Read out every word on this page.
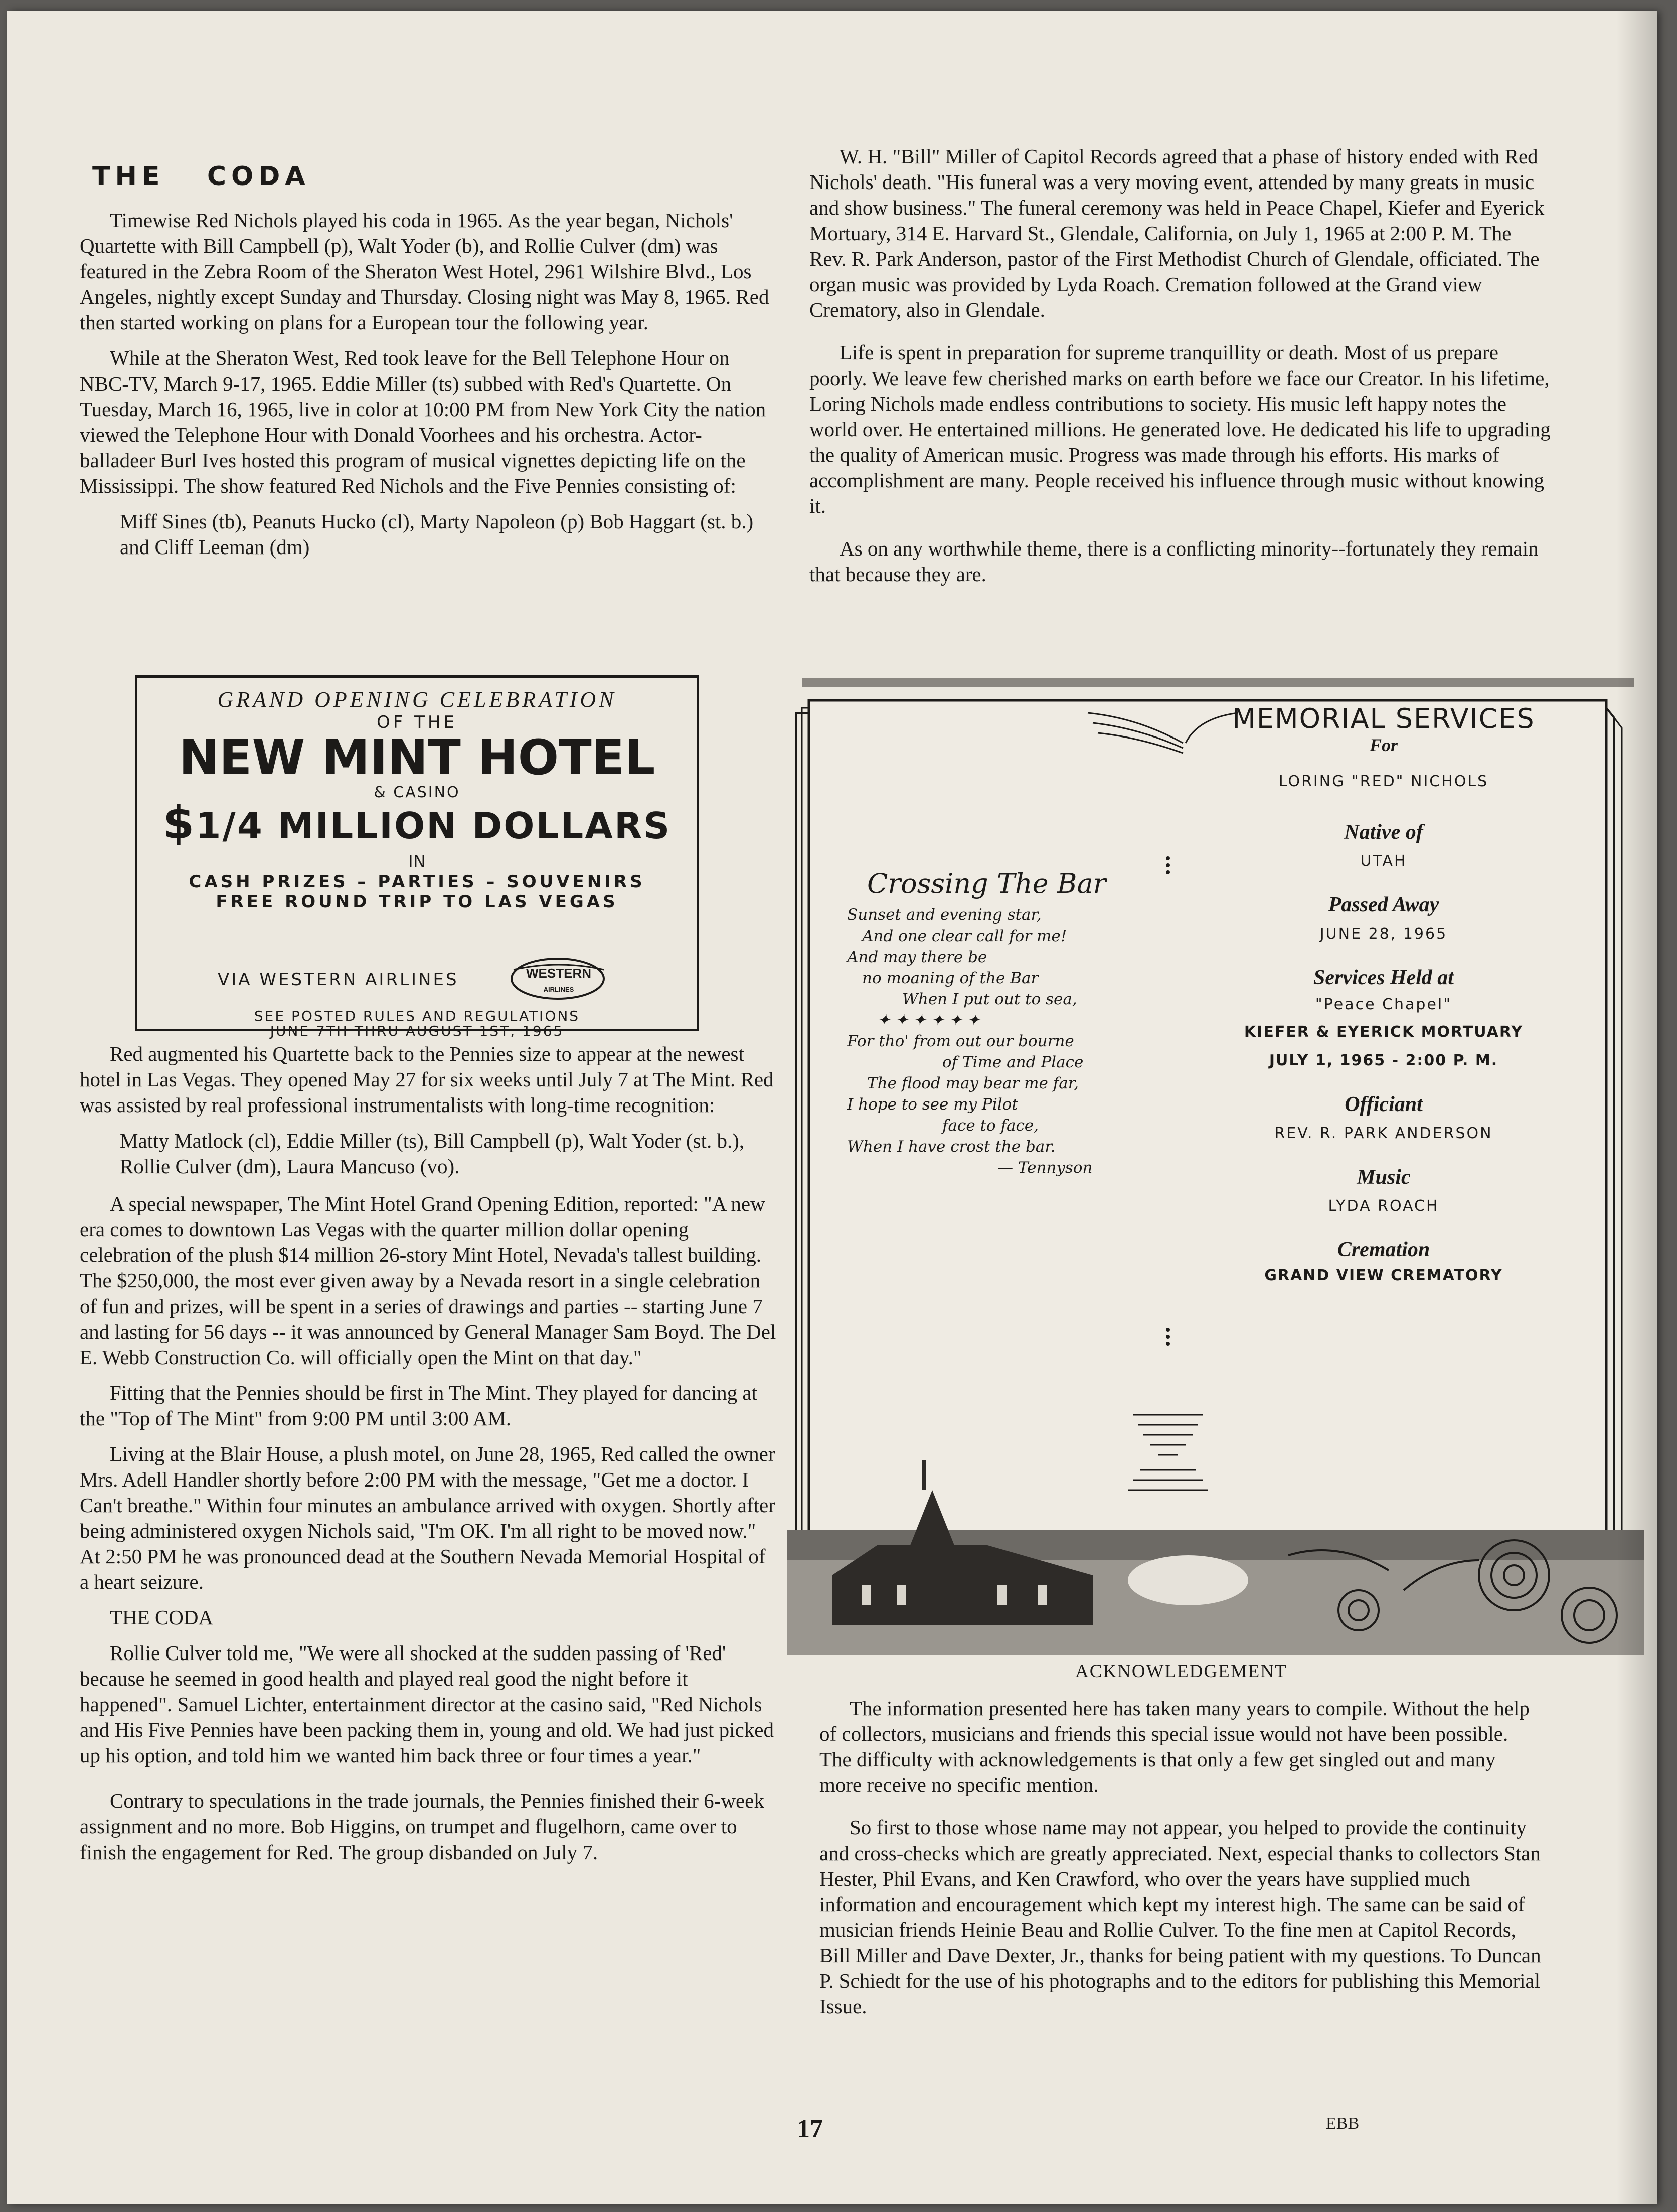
THE   CODA

Timewise Red Nichols played his coda in 1965. As the year began, Nichols' Quartette with Bill Campbell (p), Walt Yoder (b), and Rollie Culver (dm) was featured in the Zebra Room of the Sheraton West Hotel, 2961 Wilshire Blvd., Los Angeles, nightly except Sunday and Thursday. Closing night was May 8, 1965. Red then started working on plans for a European tour the following year.

While at the Sheraton West, Red took leave for the Bell Telephone Hour on NBC-TV, March 9-17, 1965. Eddie Miller (ts) subbed with Red's Quartette. On Tuesday, March 16, 1965, live in color at 10:00 PM from New York City the nation viewed the Telephone Hour with Donald Voorhees and his orchestra. Actor-balladeer Burl Ives hosted this program of musical vignettes depicting life on the Mississippi. The show featured Red Nichols and the Five Pennies consisting of:

Miff Sines (tb), Peanuts Hucko (cl), Marty Napoleon (p) Bob Haggart (st. b.) and Cliff Leeman (dm)

GRAND OPENING CELEBRATION
OF THE
NEW MINT HOTEL
& CASINO
$1/4 MILLION DOLLARS
IN
CASH PRIZES – PARTIES – SOUVENIRS
FREE ROUND TRIP TO LAS VEGAS
VIA WESTERN AIRLINES	WESTERN
AIRLINES
SEE POSTED RULES AND REGULATIONS
JUNE 7TH THRU AUGUST 1ST, 1965

Red augmented his Quartette back to the Pennies size to appear at the newest hotel in Las Vegas. They opened May 27 for six weeks until July 7 at The Mint. Red was assisted by real professional instrumentalists with long-time recognition:

Matty Matlock (cl), Eddie Miller (ts), Bill Campbell (p), Walt Yoder (st. b.), Rollie Culver (dm), Laura Mancuso (vo).

A special newspaper, The Mint Hotel Grand Opening Edition, reported: "A new era comes to downtown Las Vegas with the quarter million dollar opening celebration of the plush $14 million 26-story Mint Hotel, Nevada's tallest building. The $250,000, the most ever given away by a Nevada resort in a single celebration of fun and prizes, will be spent in a series of drawings and parties -- starting June 7 and lasting for 56 days -- it was announced by General Manager Sam Boyd. The Del E. Webb Construction Co. will officially open the Mint on that day."

Fitting that the Pennies should be first in The Mint. They played for dancing at the "Top of The Mint" from 9:00 PM until 3:00 AM.

Living at the Blair House, a plush motel, on June 28, 1965, Red called the owner Mrs. Adell Handler shortly before 2:00 PM with the message, "Get me a doctor. I Can't breathe." Within four minutes an ambulance arrived with oxygen. Shortly after being administered oxygen Nichols said, "I'm OK. I'm all right to be moved now." At 2:50 PM he was pronounced dead at the Southern Nevada Memorial Hospital of a heart seizure.

THE CODA

Rollie Culver told me, "We were all shocked at the sudden passing of 'Red' because he seemed in good health and played real good the night before it happened". Samuel Lichter, entertainment director at the casino said, "Red Nichols and His Five Pennies have been packing them in, young and old. We had just picked up his option, and told him we wanted him back three or four times a year."

Contrary to speculations in the trade journals, the Pennies finished their 6-week assignment and no more. Bob Higgins, on trumpet and flugelhorn, came over to finish the engagement for Red. The group disbanded on July 7.

W. H. "Bill" Miller of Capitol Records agreed that a phase of history ended with Red Nichols' death. "His funeral was a very moving event, attended by many greats in music and show business." The funeral ceremony was held in Peace Chapel, Kiefer and Eyerick Mortuary, 314 E. Harvard St., Glendale, California, on July 1, 1965 at 2:00 P. M. The Rev. R. Park Anderson, pastor of the First Methodist Church of Glendale, officiated. The organ music was provided by Lyda Roach. Cremation followed at the Grand view Crematory, also in Glendale.

Life is spent in preparation for supreme tranquillity or death. Most of us prepare poorly. We leave few cherished marks on earth before we face our Creator. In his lifetime, Loring Nichols made endless contributions to society. His music left happy notes the world over. He entertained millions. He generated love. He dedicated his life to upgrading the quality of American music. Progress was made through his efforts. His marks of accomplishment are many. People received his influence through music without knowing it.

As on any worthwhile theme, there is a conflicting minority--fortunately they remain that because they are.

Crossing The Bar
Sunset and evening star,
And one clear call for me!
And may there be
no moaning of the Bar
When I put out to sea,
✦ ✦ ✦ ✦ ✦ ✦
For tho' from out our bourne
of Time and Place
The flood may bear me far,
I hope to see my Pilot
face to face,
When I have crost the bar.
— Tennyson
MEMORIAL SERVICES
For
LORING "RED" NICHOLS
Native of
UTAH
Passed Away
JUNE 28, 1965
Services Held at
"Peace Chapel"
KIEFER & EYERICK MORTUARY
JULY 1, 1965 - 2:00 P. M.
Officiant
REV. R. PARK ANDERSON
Music
LYDA ROACH
Cremation
GRAND VIEW CREMATORY
ACKNOWLEDGEMENT

The information presented here has taken many years to compile. Without the help of collectors, musicians and friends this special issue would not have been possible. The difficulty with acknowledgements is that only a few get singled out and many more receive no specific mention.

So first to those whose name may not appear, you helped to provide the continuity and cross-checks which are greatly appreciated. Next, especial thanks to collectors Stan Hester, Phil Evans, and Ken Crawford, who over the years have supplied much information and encouragement which kept my interest high. The same can be said of musician friends Heinie Beau and Rollie Culver. To the fine men at Capitol Records, Bill Miller and Dave Dexter, Jr., thanks for being patient with my questions. To Duncan P. Schiedt for the use of his photographs and to the editors for publishing this Memorial Issue.

17	EBB
